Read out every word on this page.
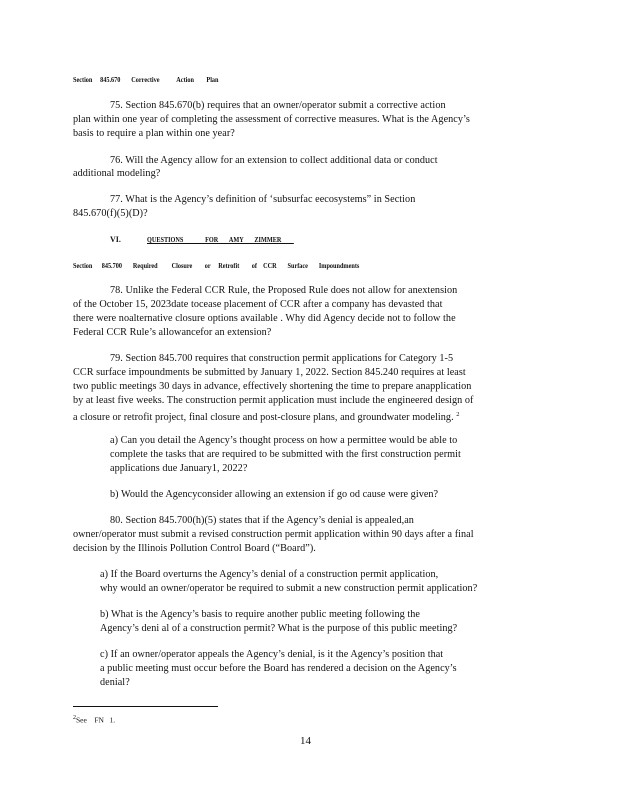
Section     845.670       Corrective           Action        Plan
75. Section 845.670(b) requires that an owner/operator submit a corrective action
plan within one year of completing the assessment of corrective measures. What is the Agency’s
basis to require a plan within one year?
76. Will the Agency allow for an extension to collect additional data or conduct
additional modeling?
77. What is the Agency’s definition of ‘subsurfac eecosystems” in Section
845.670(f)(5)(D)?
VI.	QUESTIONS              FOR       AMY       ZIMMER
Section      845.700       Required         Closure        or     Retrofit        of    CCR       Surface       Impoundments
78. Unlike the Federal CCR Rule, the Proposed Rule does not allow for anextension
of the October 15, 2023date tocease placement of CCR after a company has devasted that
there were noalternative closure options available . Why did Agency decide not to follow the
Federal CCR Rule’s allowancefor an extension?
79. Section 845.700 requires that construction permit applications for Category 1-5
CCR surface impoundments be submitted by January 1, 2022. Section 845.240 requires at least
two public meetings 30 days in advance, effectively shortening the time to prepare anapplication
by at least five weeks. The construction permit application must include the engineered design of
a closure or retrofit project, final closure and post-closure plans, and groundwater modeling. $^2$
a) Can you detail the Agency’s thought process on how a permittee would be able to
complete the tasks that are required to be submitted with the first construction permit
applications due January1, 2022?
b) Would the Agencyconsider allowing an extension if go od cause were given?
80. Section 845.700(h)(5) states that if the Agency’s denial is appealed,an
owner/operator must submit a revised construction permit application within 90 days after a final
decision by the Illinois Pollution Control Board (“Board”).
a) If the Board overturns the Agency’s denial of a construction permit application,
why would an owner/operator be required to submit a new construction permit application?
b) What is the Agency’s basis to require another public meeting following the
Agency’s deni al of a construction permit? What is the purpose of this public meeting?
c) If an owner/operator appeals the Agency’s denial, is it the Agency’s position that
a public meeting must occur before the Board has rendered a decision on the Agency’s
denial?
$^2$See    FN   1.
14
